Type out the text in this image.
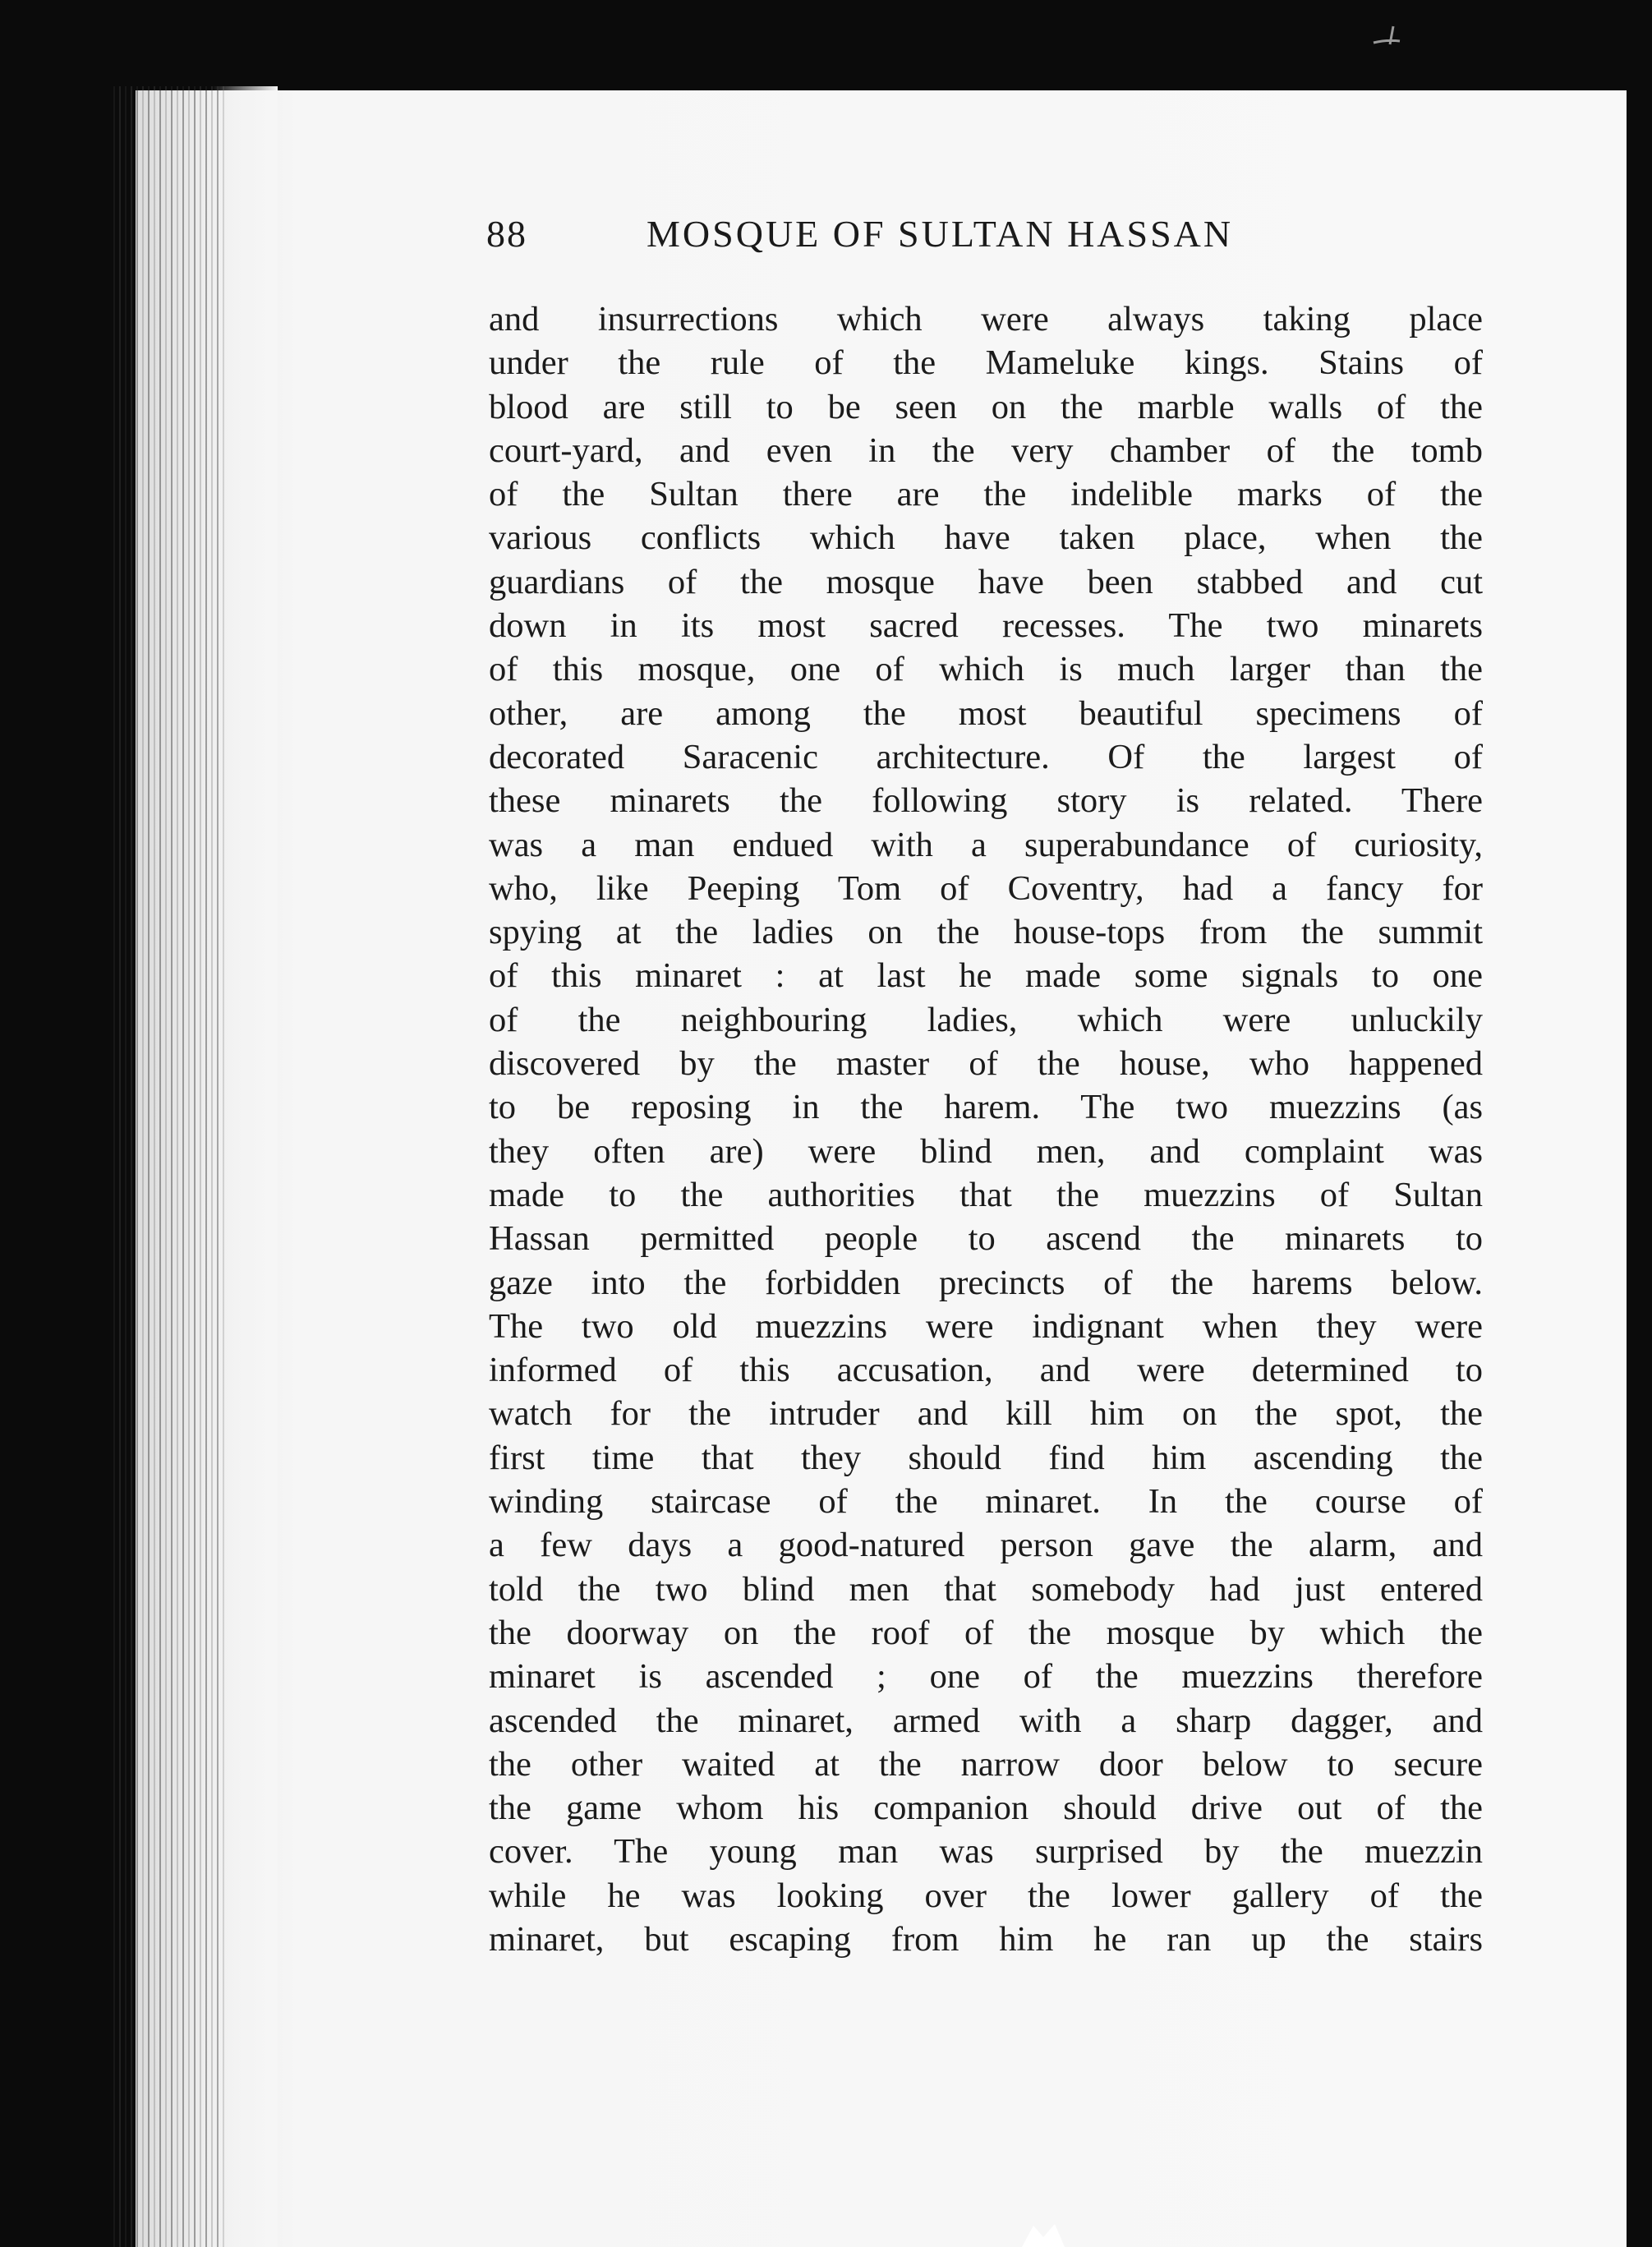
88	MOSQUE OF SULTAN HASSAN
and insurrections which were always taking place
under the rule of the Mameluke kings. Stains of
blood are still to be seen on the marble walls of the
court-yard, and even in the very chamber of the tomb
of the Sultan there are the indelible marks of the
various conflicts which have taken place, when the
guardians of the mosque have been stabbed and cut
down in its most sacred recesses. The two minarets
of this mosque, one of which is much larger than the
other, are among the most beautiful specimens of
decorated Saracenic architecture. Of the largest of
these minarets the following story is related. There
was a man endued with a superabundance of curiosity,
who, like Peeping Tom of Coventry, had a fancy for
spying at the ladies on the house-tops from the summit
of this minaret : at last he made some signals to one
of the neighbouring ladies, which were unluckily
discovered by the master of the house, who happened
to be reposing in the harem. The two muezzins (as
they often are) were blind men, and complaint was
made to the authorities that the muezzins of Sultan
Hassan permitted people to ascend the minarets to
gaze into the forbidden precincts of the harems below.
The two old muezzins were indignant when they were
informed of this accusation, and were determined to
watch for the intruder and kill him on the spot, the
first time that they should find him ascending the
winding staircase of the minaret. In the course of
a few days a good-natured person gave the alarm, and
told the two blind men that somebody had just entered
the doorway on the roof of the mosque by which the
minaret is ascended ; one of the muezzins therefore
ascended the minaret, armed with a sharp dagger, and
the other waited at the narrow door below to secure
the game whom his companion should drive out of the
cover. The young man was surprised by the muezzin
while he was looking over the lower gallery of the
minaret, but escaping from him he ran up the stairs
